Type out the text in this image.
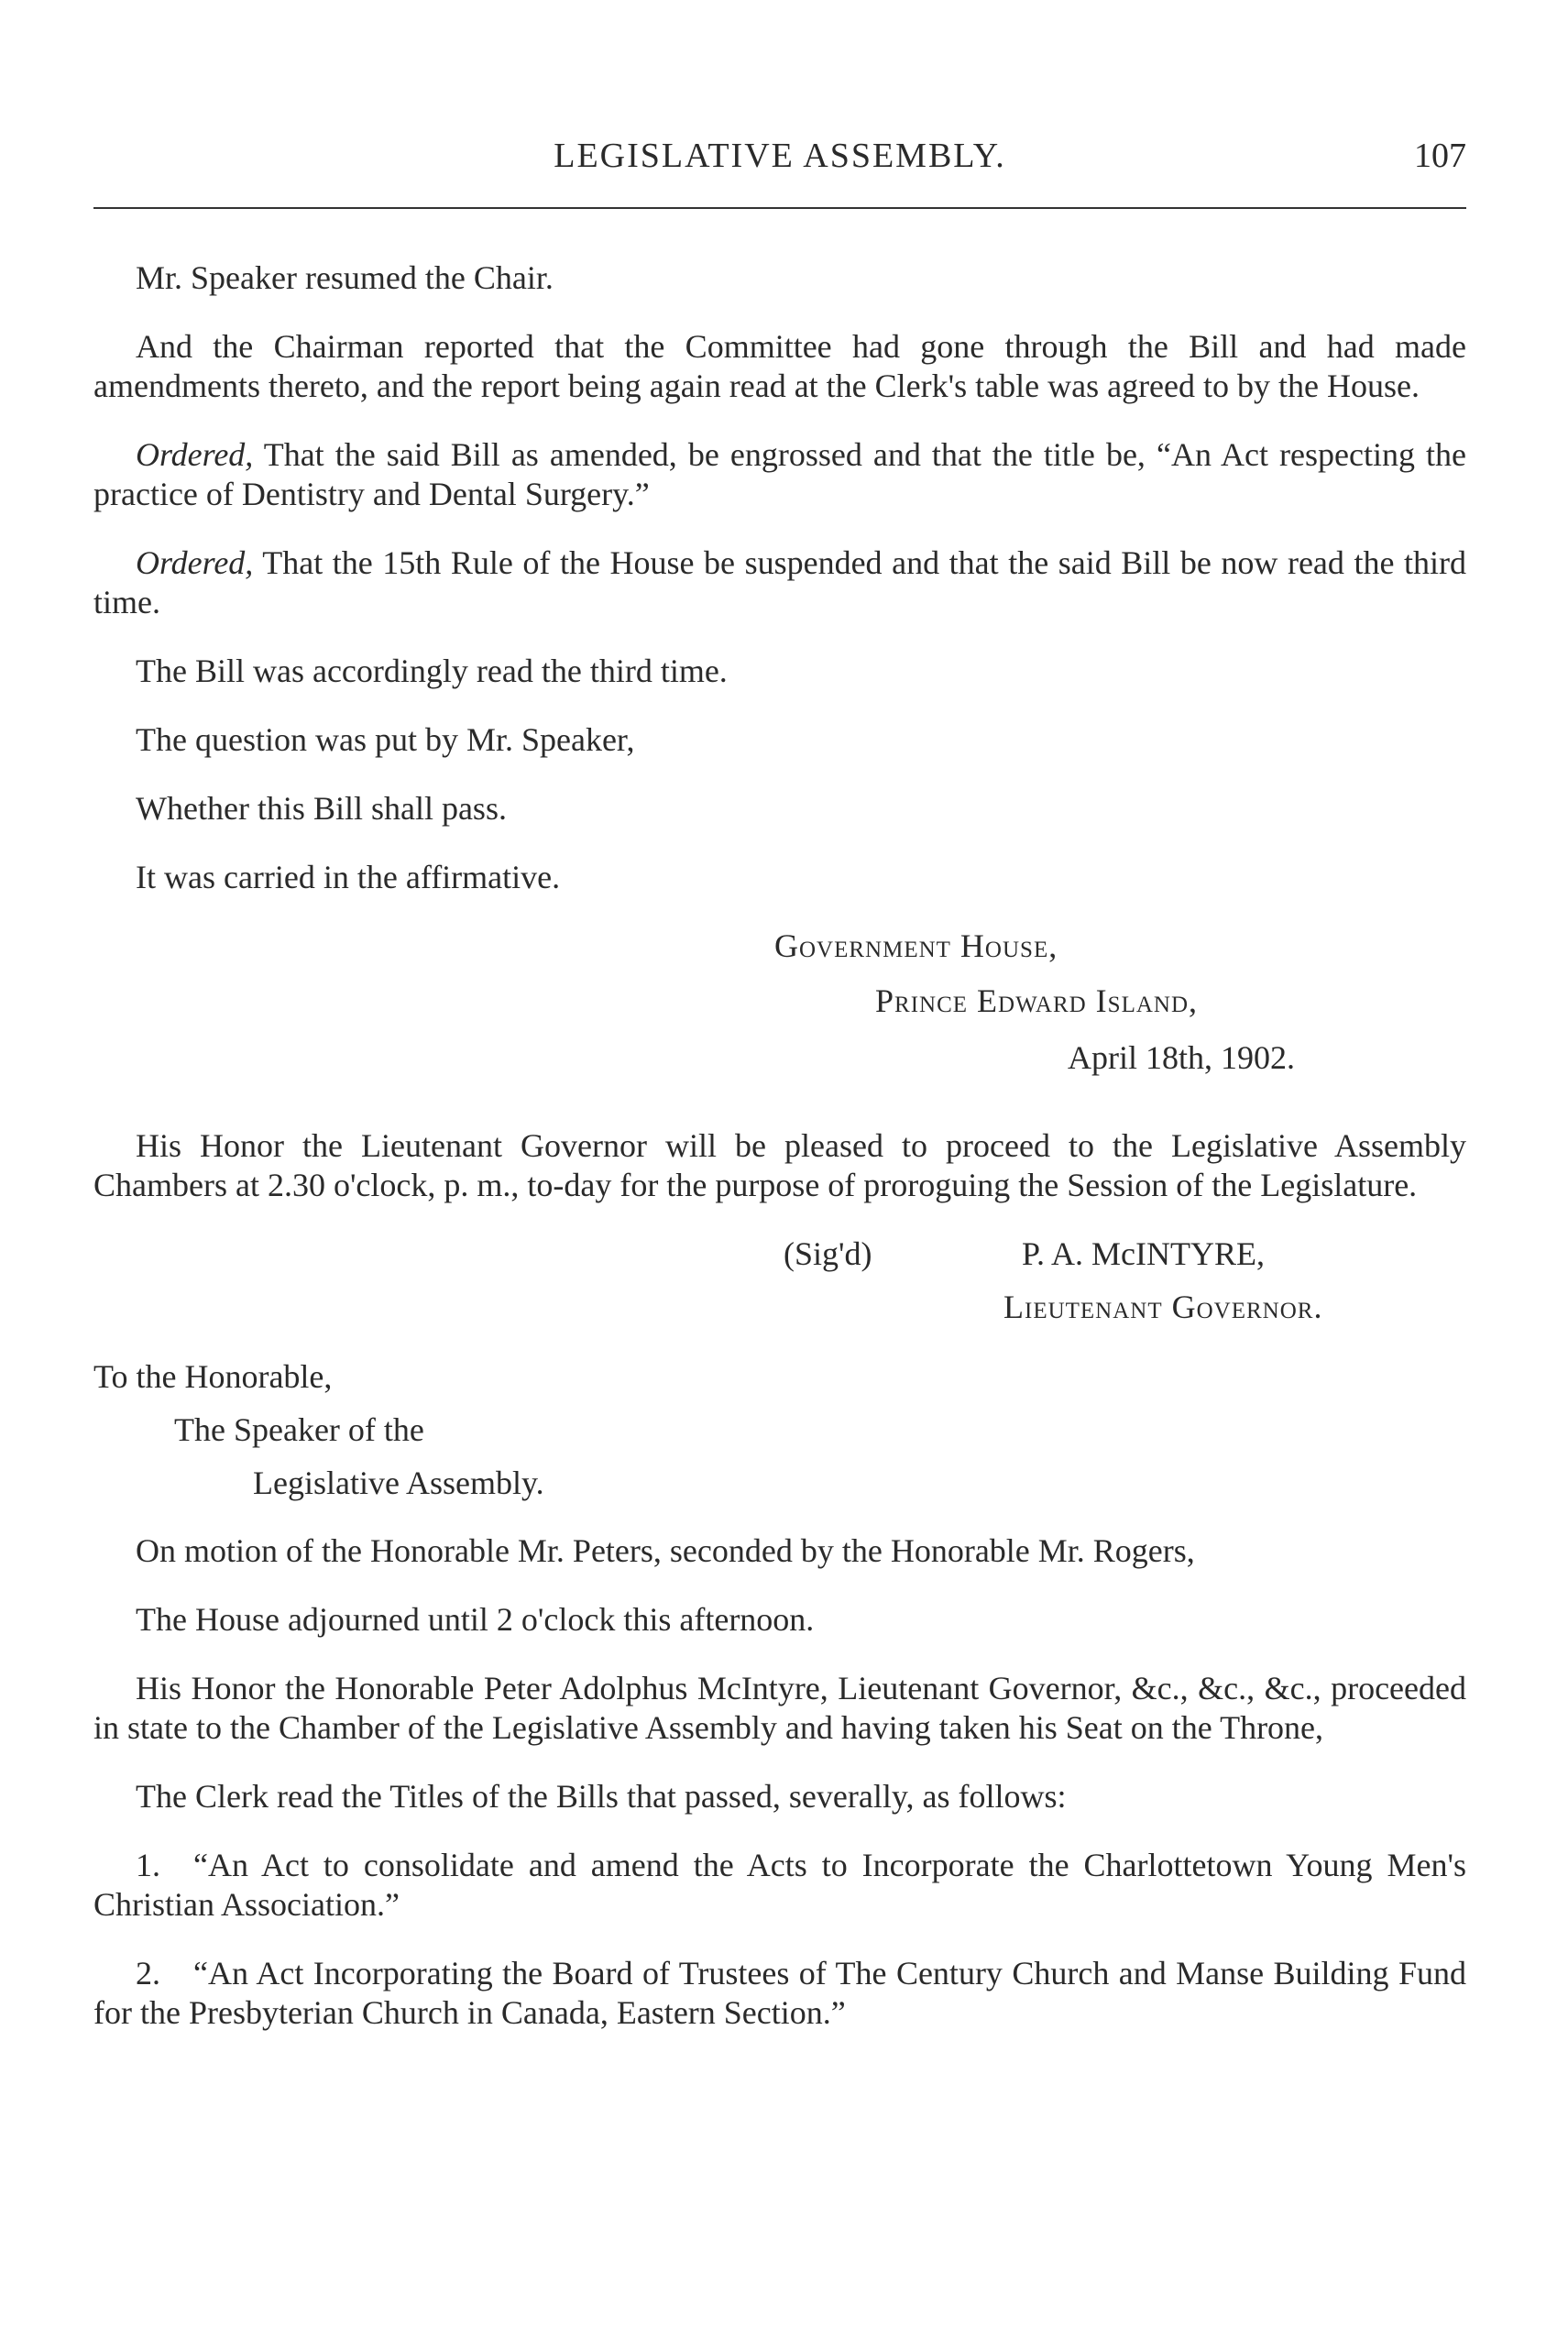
LEGISLATIVE ASSEMBLY.	107

Mr. Speaker resumed the Chair.

And the Chairman reported that the Committee had gone through the Bill and had made amendments thereto, and the report being again read at the Clerk's table was agreed to by the House.

Ordered, That the said Bill as amended, be engrossed and that the title be, “An Act respecting the practice of Dentistry and Dental Surgery.”

Ordered, That the 15th Rule of the House be suspended and that the said Bill be now read the third time.

The Bill was accordingly read the third time.

The question was put by Mr. Speaker,

Whether this Bill shall pass.

It was carried in the affirmative.

Government House,
Prince Edward Island,
April 18th, 1902.

His Honor the Lieutenant Governor will be pleased to proceed to the Legislative Assembly Chambers at 2.30 o'clock, p. m., to-day for the purpose of proroguing the Session of the Legislature.

(Sig'd)	P. A. McINTYRE,
Lieutenant Governor.
To the Honorable,
The Speaker of the
Legislative Assembly.

On motion of the Honorable Mr. Peters, seconded by the Honorable Mr. Rogers,

The House adjourned until 2 o'clock this afternoon.

His Honor the Honorable Peter Adolphus McIntyre, Lieutenant Governor, &c., &c., &c., proceeded in state to the Chamber of the Legislative Assembly and having taken his Seat on the Throne,

The Clerk read the Titles of the Bills that passed, severally, as follows:

1. “An Act to consolidate and amend the Acts to Incorporate the Charlottetown Young Men's Christian Association.”

2. “An Act Incorporating the Board of Trustees of The Century Church and Manse Building Fund for the Presbyterian Church in Canada, Eastern Section.”
